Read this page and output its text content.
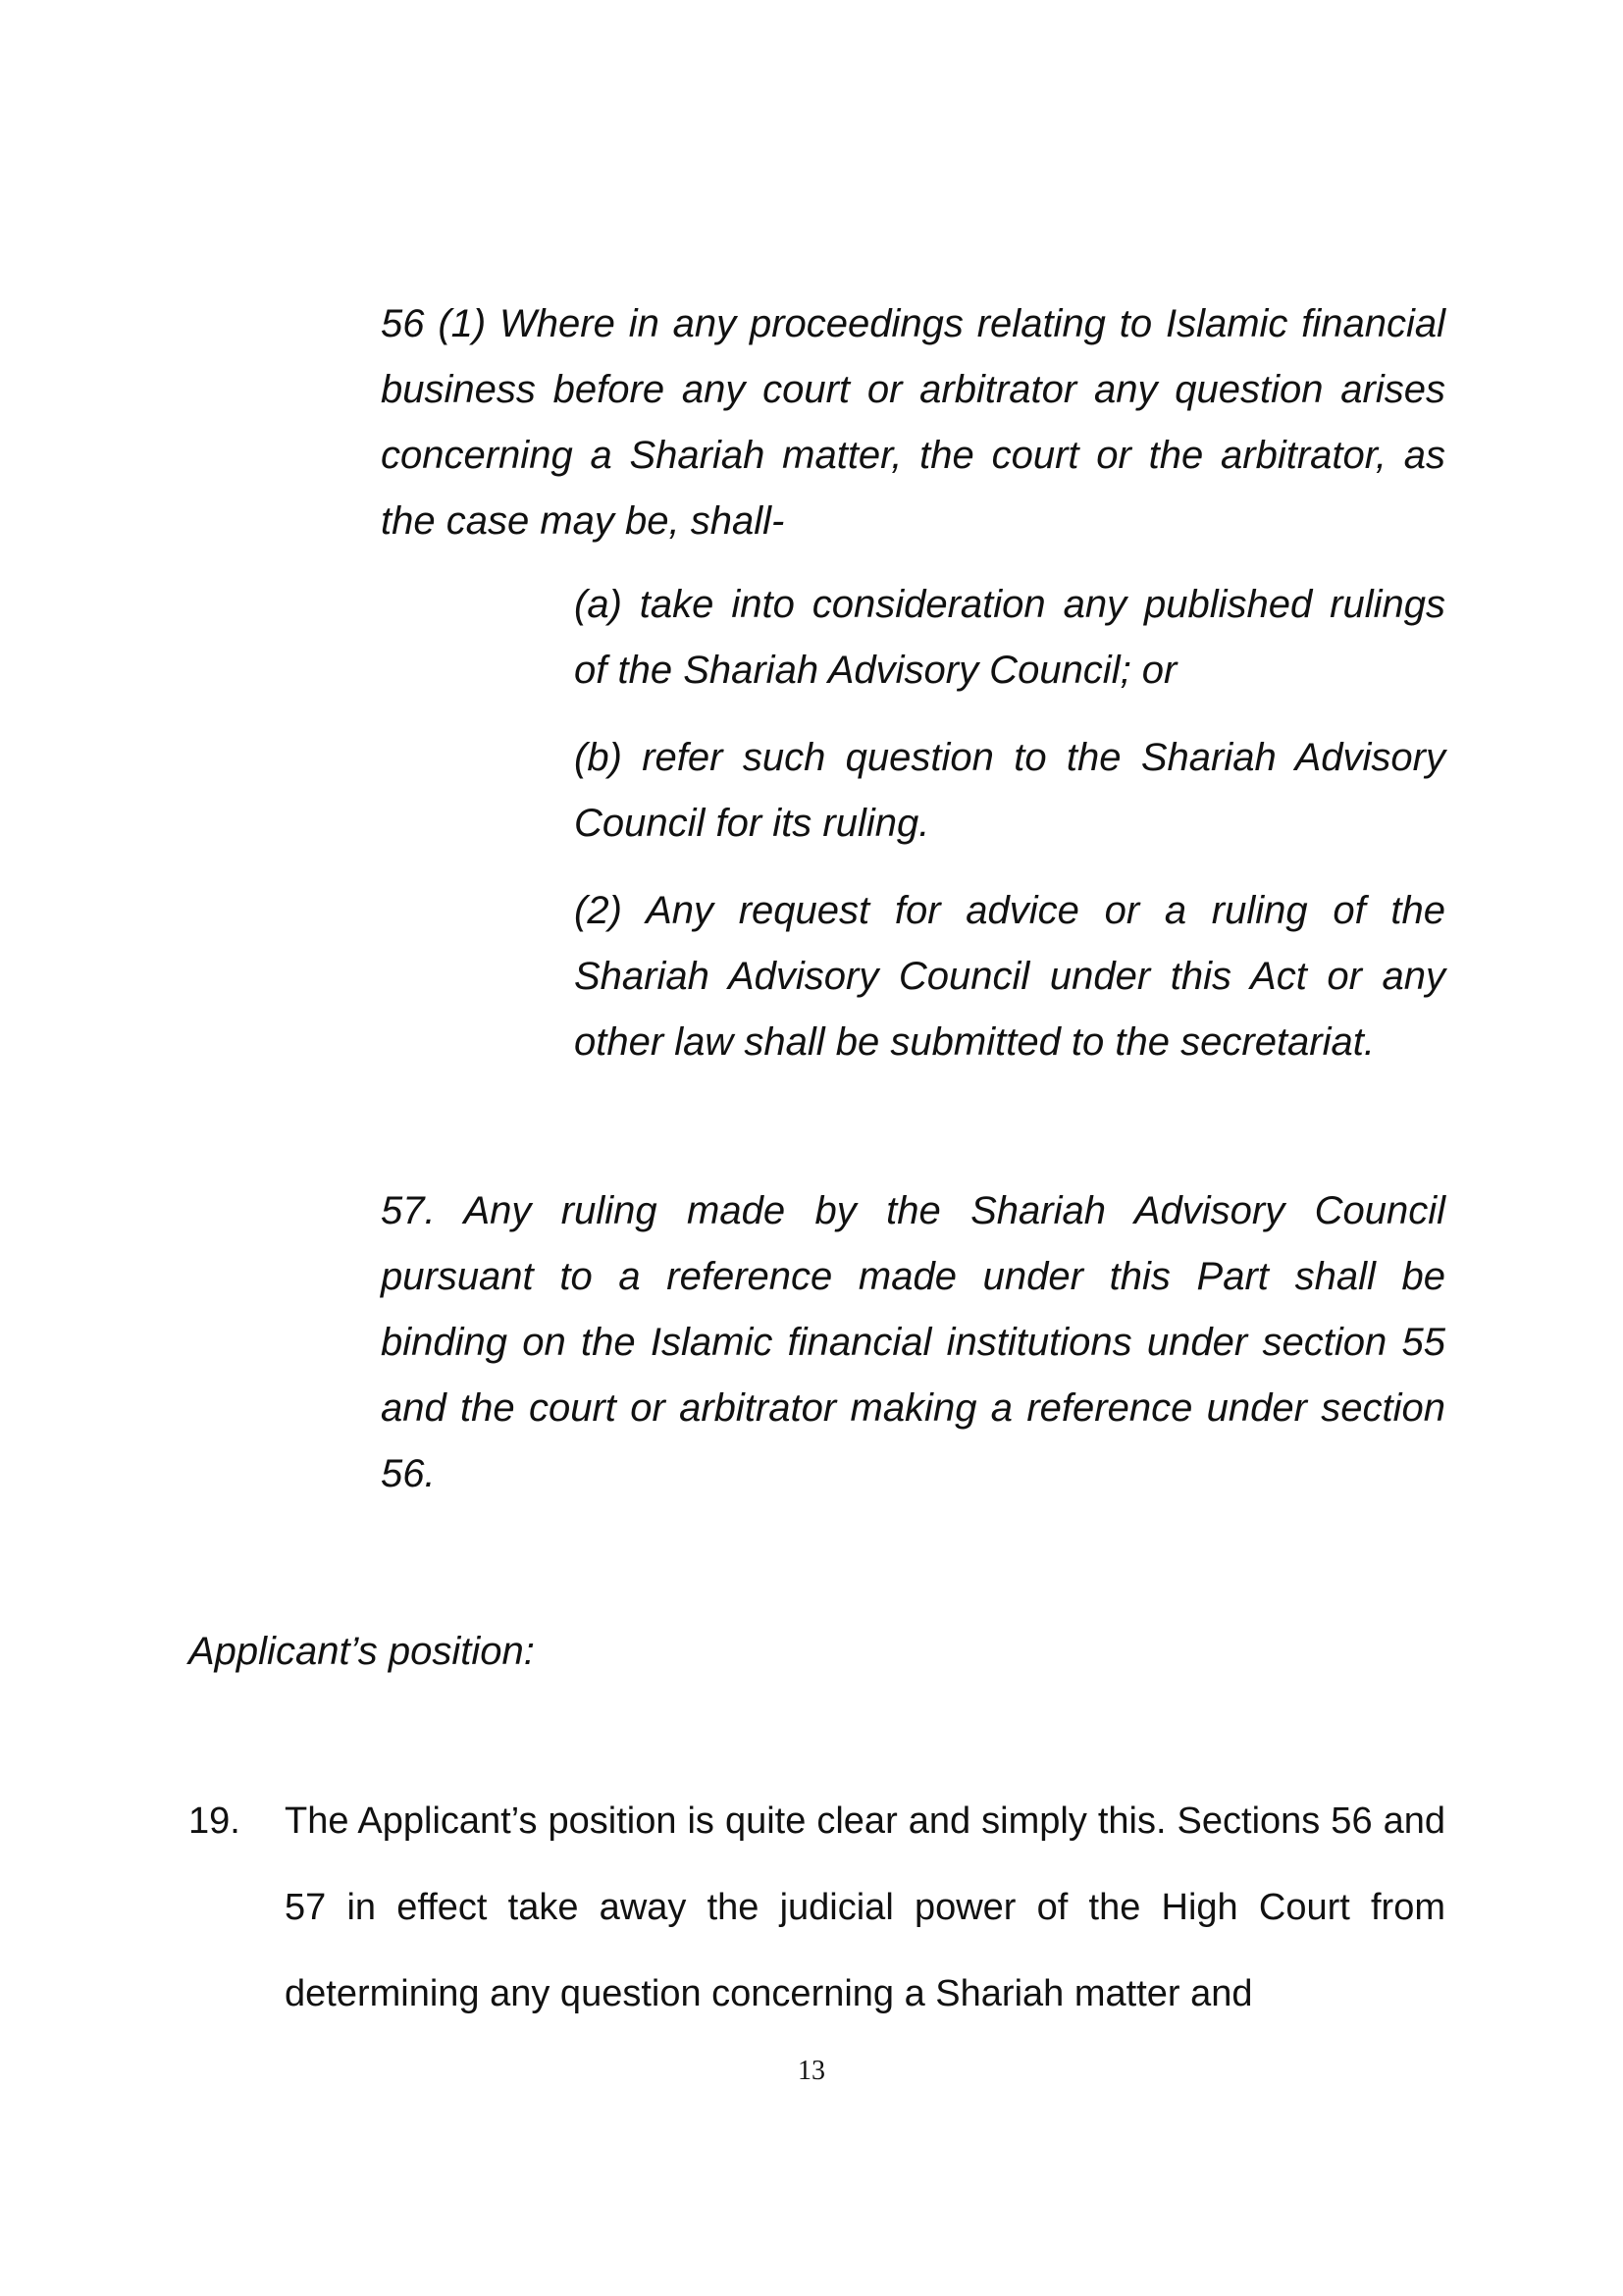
56 (1) Where in any proceedings relating to Islamic financial business before any court or arbitrator any question arises concerning a Shariah matter, the court or the arbitrator, as the case may be, shall-

(a) take into consideration any published rulings of the Shariah Advisory Council; or

(b) refer such question to the Shariah Advisory Council for its ruling.

(2) Any request for advice or a ruling of the Shariah Advisory Council under this Act or any other law shall be submitted to the secretariat.

57. Any ruling made by the Shariah Advisory Council pursuant to a reference made under this Part shall be binding on the Islamic financial institutions under section 55 and the court or arbitrator making a reference under section 56.

Applicant’s position:
19. The Applicant’s position is quite clear and simply this. Sections 56 and 57 in effect take away the judicial power of the High Court from determining any question concerning a Shariah matter and

13
